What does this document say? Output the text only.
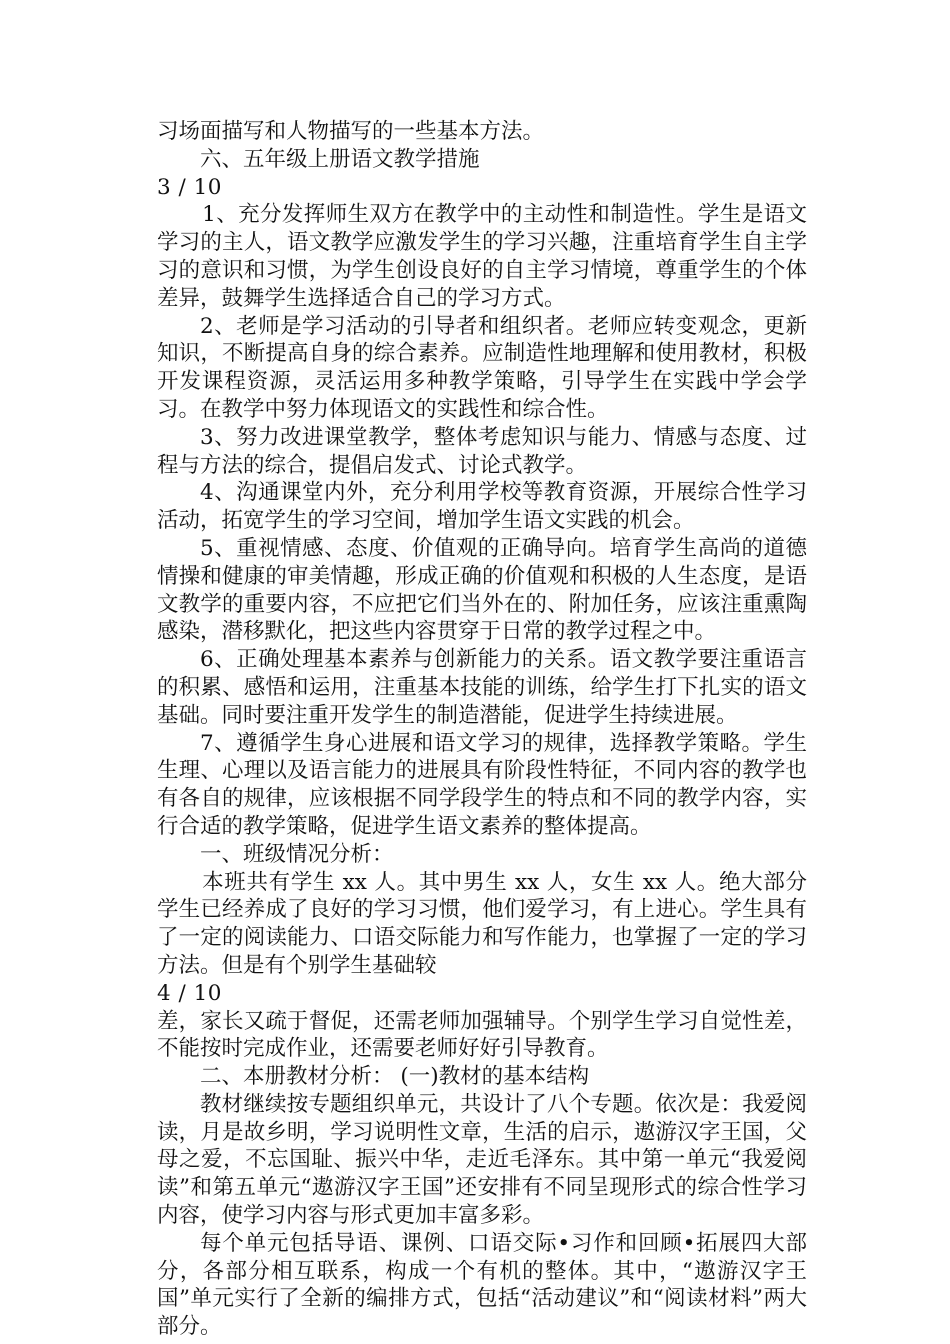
习场面描写和人物描写的一些基本方法。

六、五年级上册语文教学措施

3 / 10

1、充分发挥师生双方在教学中的主动性和制造性。学生是语文学习的主人，语文教学应激发学生的学习兴趣，注重培育学生自主学习的意识和习惯，为学生创设良好的自主学习情境，尊重学生的个体差异，鼓舞学生选择适合自己的学习方式。

2、老师是学习活动的引导者和组织者。老师应转变观念，更新知识，不断提高自身的综合素养。应制造性地理解和使用教材，积极开发课程资源，灵活运用多种教学策略，引导学生在实践中学会学习。在教学中努力体现语文的实践性和综合性。

3、努力改进课堂教学，整体考虑知识与能力、情感与态度、过程与方法的综合，提倡启发式、讨论式教学。

4、沟通课堂内外，充分利用学校等教育资源，开展综合性学习活动，拓宽学生的学习空间，增加学生语文实践的机会。

5、重视情感、态度、价值观的正确导向。培育学生高尚的道德情操和健康的审美情趣，形成正确的价值观和积极的人生态度，是语文教学的重要内容，不应把它们当外在的、附加任务，应该注重熏陶感染，潜移默化，把这些内容贯穿于日常的教学过程之中。

6、正确处理基本素养与创新能力的关系。语文教学要注重语言的积累、感悟和运用，注重基本技能的训练，给学生打下扎实的语文基础。同时要注重开发学生的制造潜能，促进学生持续进展。

7、遵循学生身心进展和语文学习的规律，选择教学策略。学生生理、心理以及语言能力的进展具有阶段性特征，不同内容的教学也有各自的规律，应该根据不同学段学生的特点和不同的教学内容，实行合适的教学策略，促进学生语文素养的整体提高。

一、班级情况分析：

本班共有学生 xx 人。其中男生 xx 人，女生 xx 人。绝大部分学生已经养成了良好的学习习惯，他们爱学习，有上进心。学生具有了一定的阅读能力、口语交际能力和写作能力，也掌握了一定的学习方法。但是有个别学生基础较

4 / 10

差，家长又疏于督促，还需老师加强辅导。个别学生学习自觉性差，不能按时完成作业，还需要老师好好引导教育。

二、本册教材分析： (一)教材的基本结构

教材继续按专题组织单元，共设计了八个专题。依次是：我爱阅读，月是故乡明，学习说明性文章，生活的启示，遨游汉字王国，父母之爱，不忘国耻、振兴中华，走近毛泽东。其中第一单元“我爱阅读”和第五单元“遨游汉字王国”还安排有不同呈现形式的综合性学习内容，使学习内容与形式更加丰富多彩。

每个单元包括导语、课例、口语交际•习作和回顾•拓展四大部分，各部分相互联系，构成一个有机的整体。其中，“遨游汉字王国”单元实行了全新的编排方式，包括“活动建议”和“阅读材料”两大部分。
